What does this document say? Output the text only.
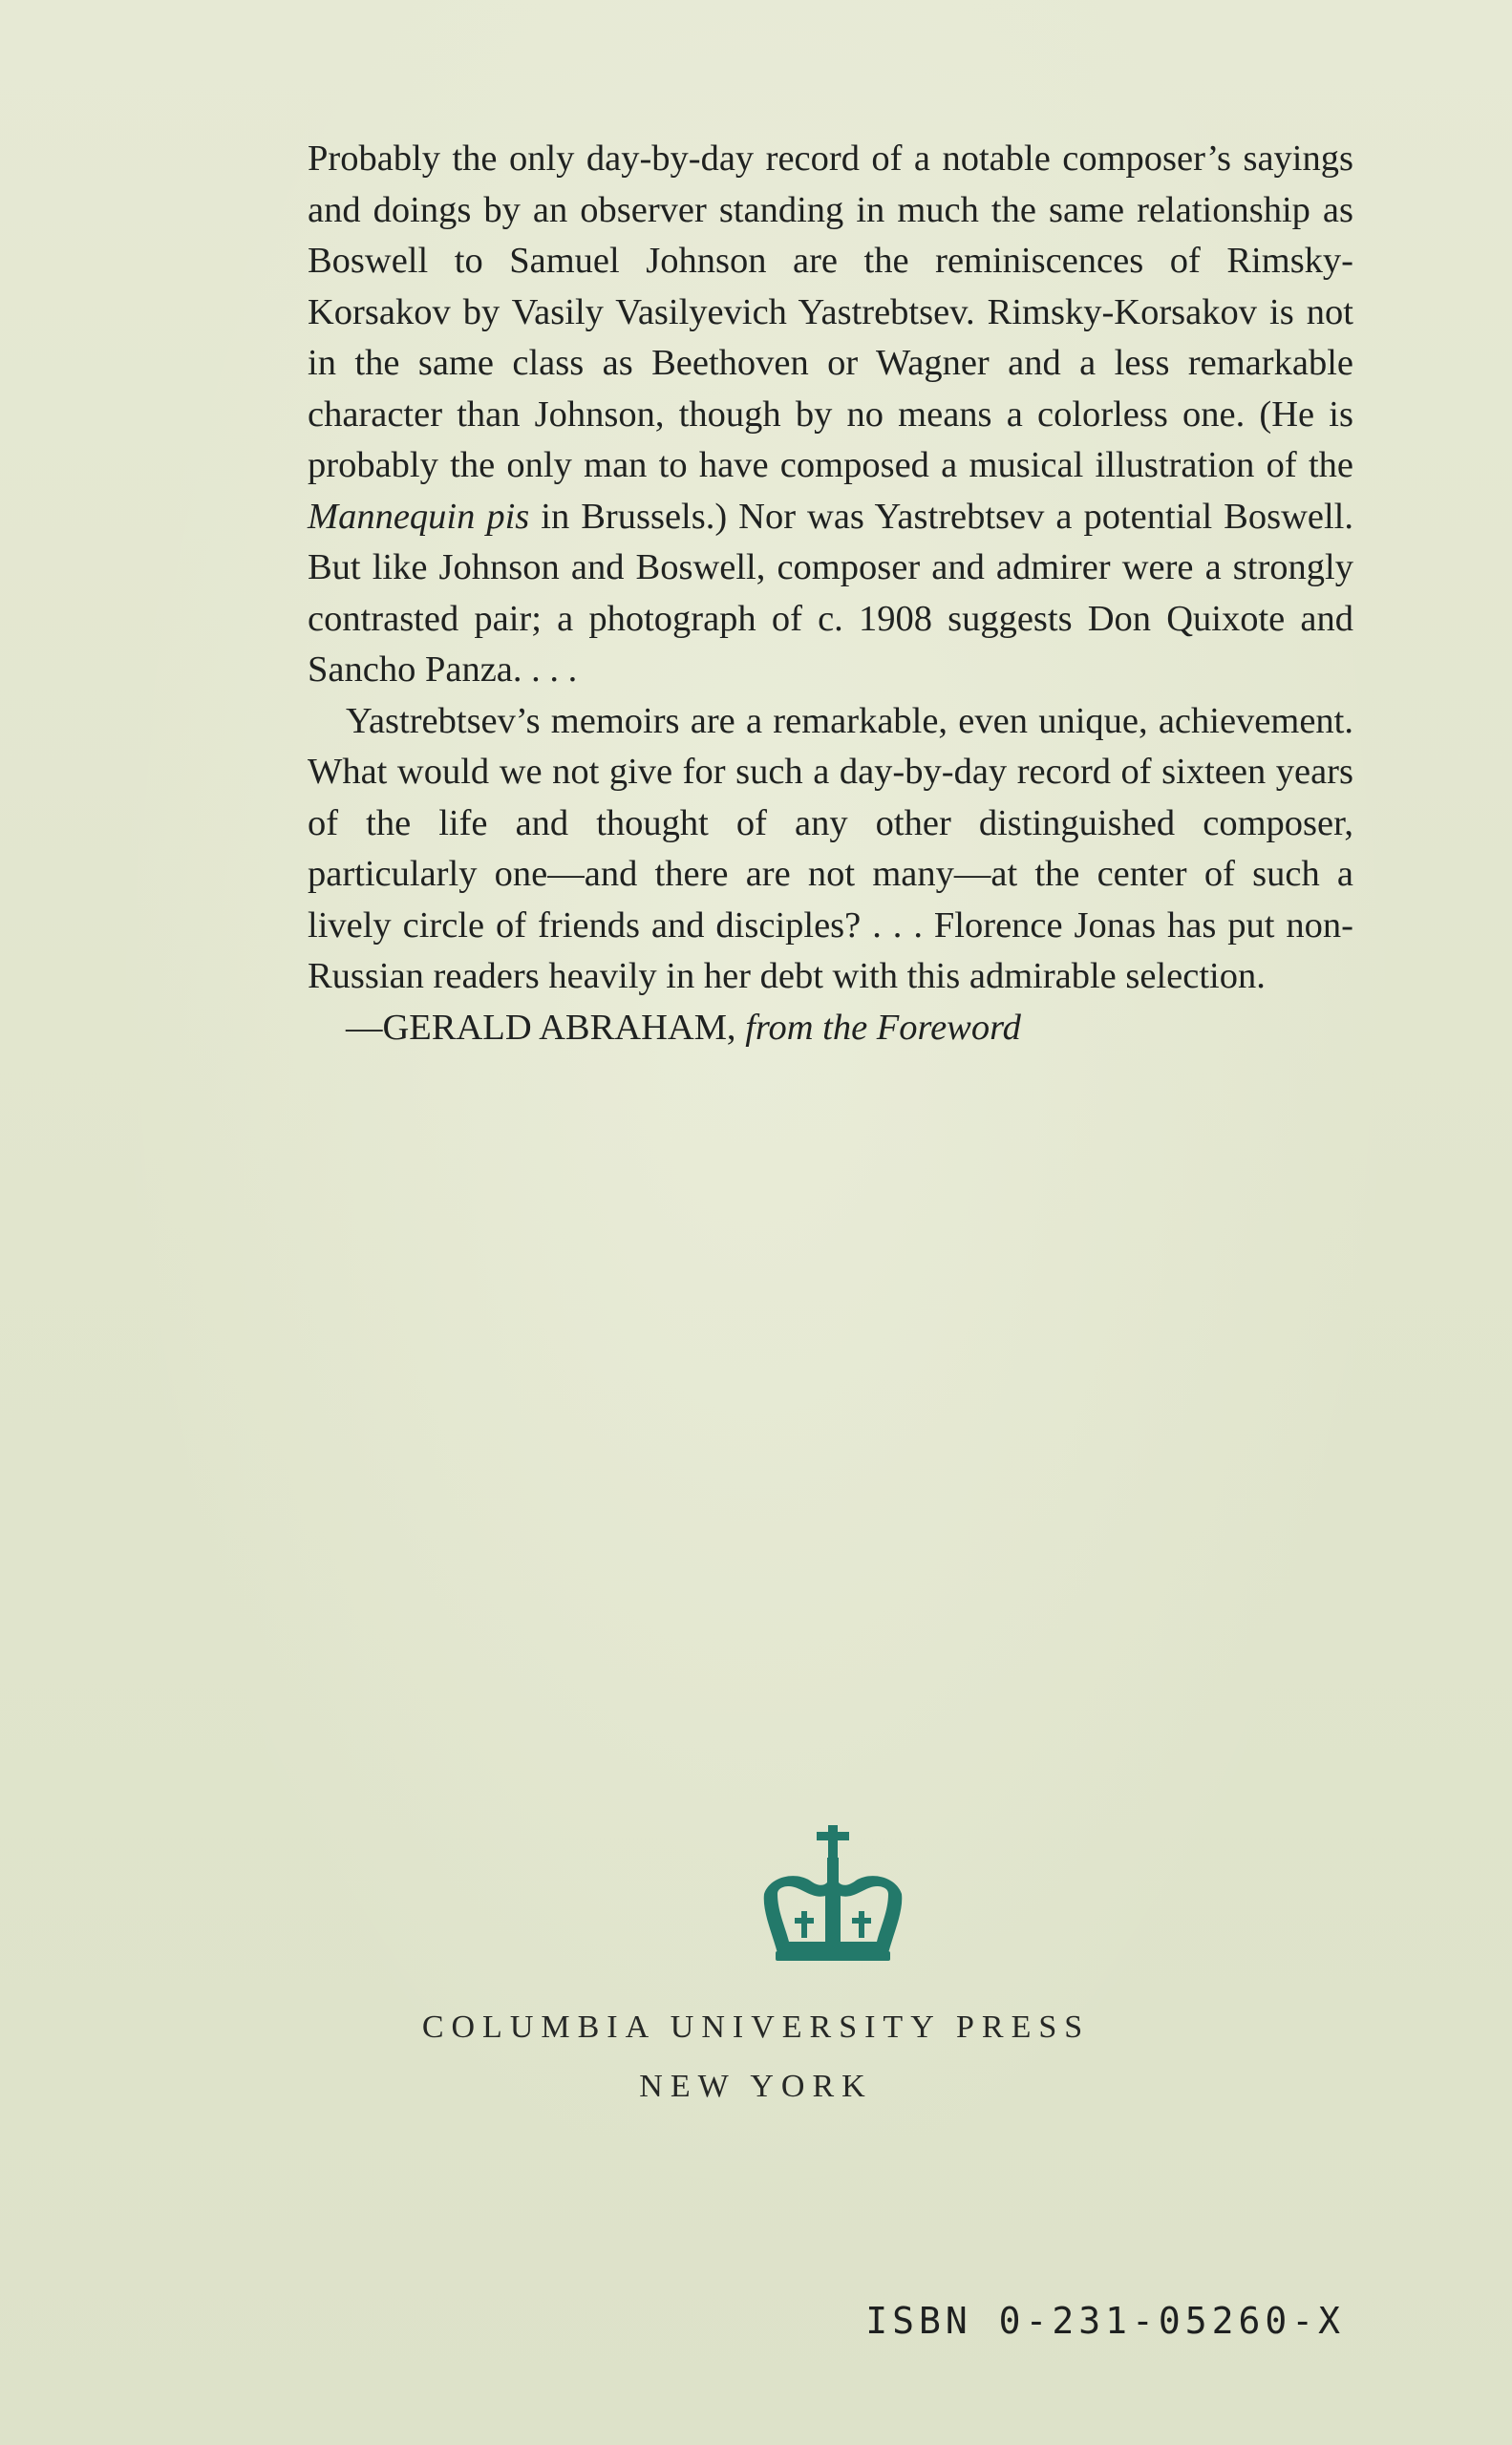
Probably the only day-by-day record of a notable composer’s sayings and doings by an observer standing in much the same relationship as Boswell to Samuel Johnson are the reminiscences of Rimsky-Korsakov by Vasily Vasilyevich Yastrebtsev. Rimsky-Korsakov is not in the same class as Beethoven or Wagner and a less remarkable character than Johnson, though by no means a colorless one. (He is probably the only man to have composed a musical illustration of the Mannequin pis in Brussels.) Nor was Yastrebtsev a potential Boswell. But like Johnson and Boswell, composer and admirer were a strongly contrasted pair; a photograph of c. 1908 suggests Don Quixote and Sancho Panza. . . .

Yastrebtsev’s memoirs are a remarkable, even unique, achievement. What would we not give for such a day-by-day record of sixteen years of the life and thought of any other distinguished composer, particularly one—and there are not many—at the center of such a lively circle of friends and disciples? . . . Florence Jonas has put non-Russian readers heavily in her debt with this admirable selection.

—GERALD ABRAHAM, from the Foreword

COLUMBIA UNIVERSITY PRESS
NEW YORK
ISBN 0-231-05260-X
